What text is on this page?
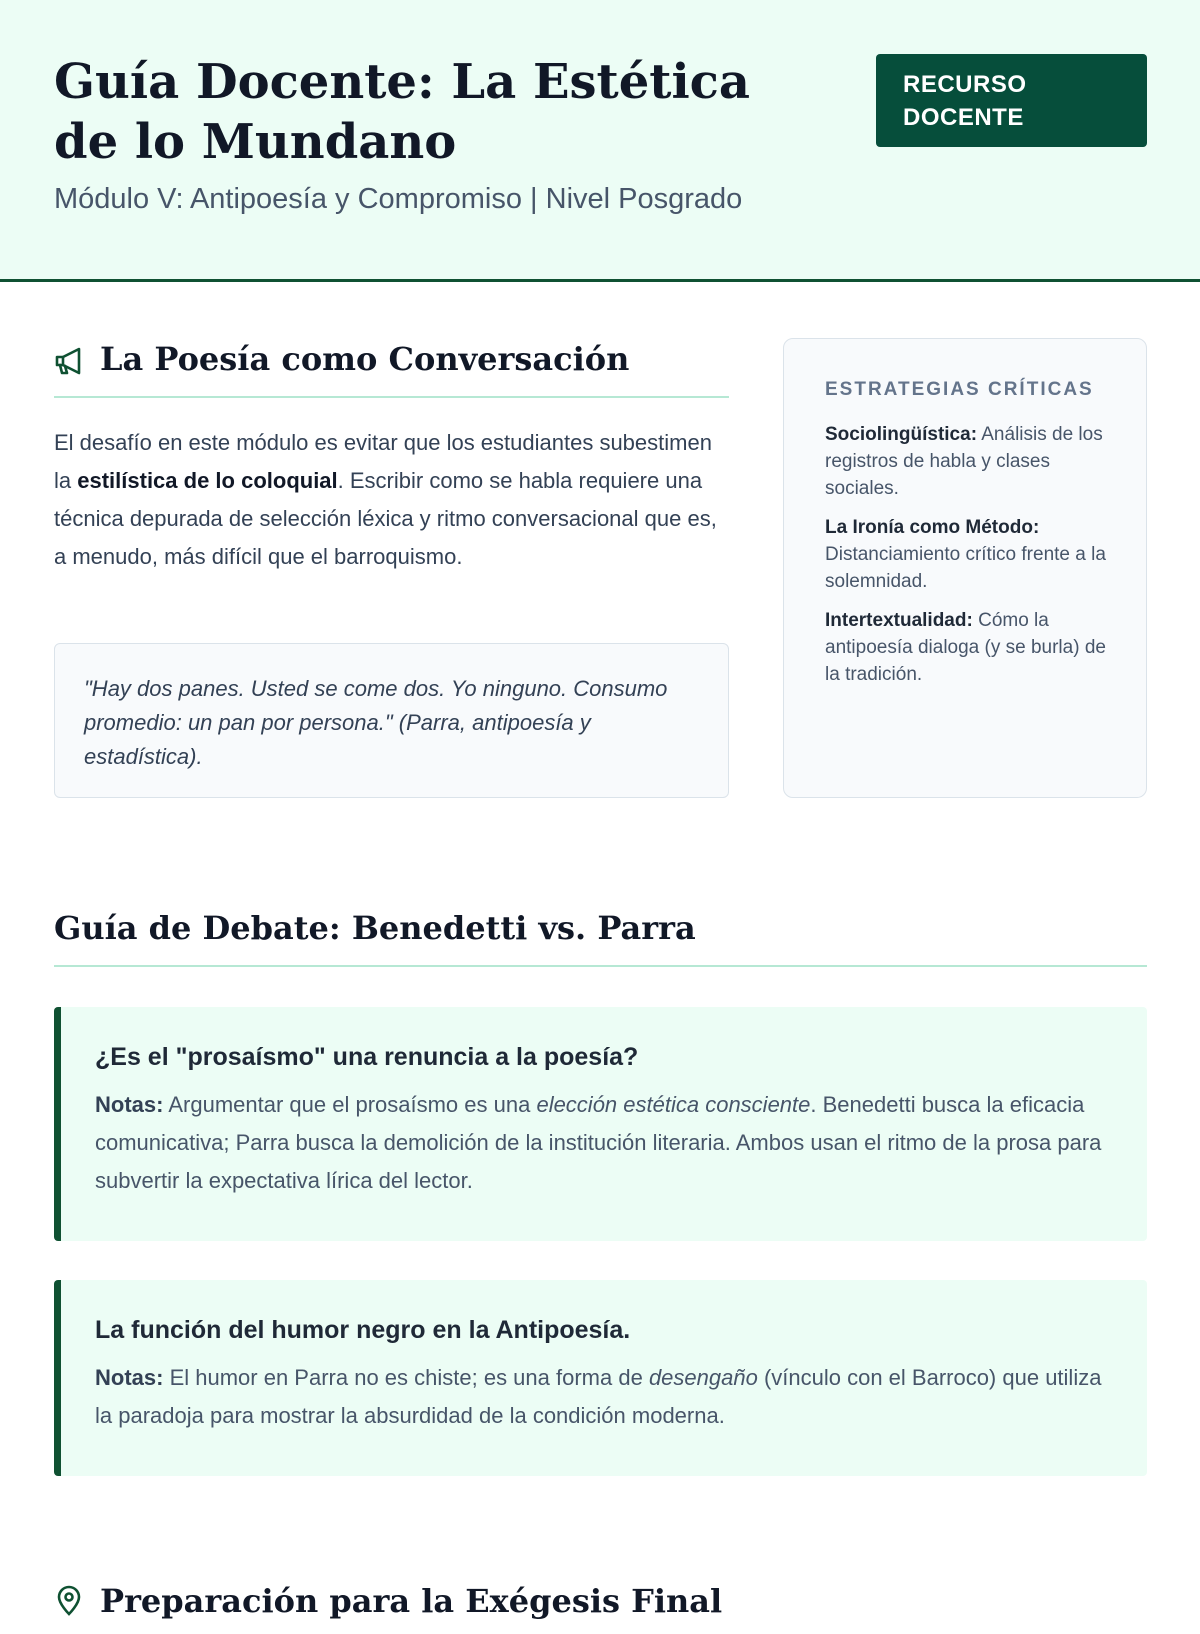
Guía Docente: La Estética de lo Mundano
Módulo V: Antipoesía y Compromiso | Nivel Posgrado
RECURSO
DOCENTE
La Poesía como Conversación

El desafío en este módulo es evitar que los estudiantes subestimen la estilística de lo coloquial. Escribir como se habla requiere una técnica depurada de selección léxica y ritmo conversacional que es, a menudo, más difícil que el barroquismo.

"Hay dos panes. Usted se come dos. Yo ninguno. Consumo promedio: un pan por persona." (Parra, antipoesía y estadística).
ESTRATEGIAS CRÍTICAS
Sociolingüística: Análisis de los registros de habla y clases sociales.
La Ironía como Método:
Distanciamiento crítico frente a la solemnidad.
Intertextualidad: Cómo la antipoesía dialoga (y se burla) de la tradición.
Guía de Debate: Benedetti vs. Parra
¿Es el "prosaísmo" una renuncia a la poesía?

Notas: Argumentar que el prosaísmo es una elección estética consciente. Benedetti busca la eficacia comunicativa; Parra busca la demolición de la institución literaria. Ambos usan el ritmo de la prosa para subvertir la expectativa lírica del lector.

La función del humor negro en la Antipoesía.

Notas: El humor en Parra no es chiste; es una forma de desengaño (vínculo con el Barroco) que utiliza la paradoja para mostrar la absurdidad de la condición moderna.

Preparación para la Exégesis Final
